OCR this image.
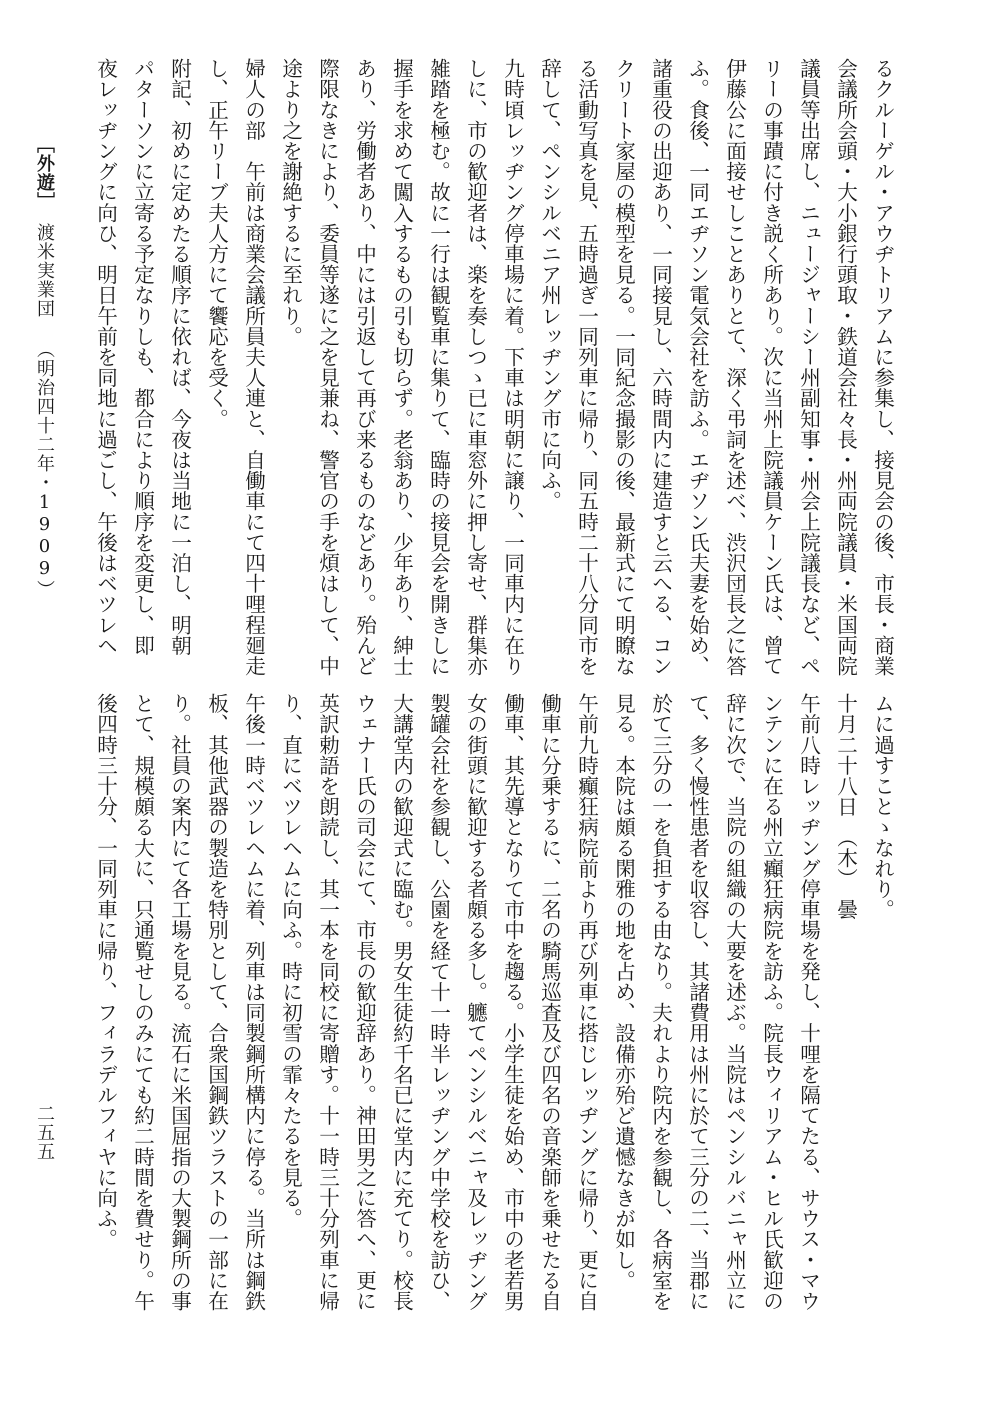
るクルーゲル・アウヂトリアムに参集し、接見会の後、市長・商業
会議所会頭・大小銀行頭取・鉄道会社々長・州両院議員・米国両院
議員等出席し、ニュージャーシー州副知事・州会上院議長など、ペ
リーの事蹟に付き説く所あり。次に当州上院議員ケーン氏は、曾て
伊藤公に面接せしことありとて、深く弔詞を述べ、渋沢団長之に答
ふ。食後、一同エヂソン電気会社を訪ふ。エヂソン氏夫妻を始め、
諸重役の出迎あり、一同接見し、六時間内に建造すと云へる、コン
クリート家屋の模型を見る。一同紀念撮影の後、最新式にて明瞭な
る活動写真を見、五時過ぎ一同列車に帰り、同五時二十八分同市を
辞して、ペンシルベニア州レッヂング市に向ふ。
九時頃レッヂング停車場に着。下車は明朝に譲り、一同車内に在り
しに、市の歓迎者は、楽を奏しつゝ已に車窓外に押し寄せ、群集亦
雑踏を極む。故に一行は観覧車に集りて、臨時の接見会を開きしに
握手を求めて闖入するもの引も切らず。老翁あり、少年あり、紳士
あり、労働者あり、中には引返して再び来るものなどあり。殆んど
際限なきにより、委員等遂に之を見兼ね、警官の手を煩はして、中
途より之を謝絶するに至れり。
婦人の部　午前は商業会議所員夫人連と、自働車にて四十哩程廻走
し、正午リーブ夫人方にて饗応を受く。
附記、初めに定めたる順序に依れば、今夜は当地に一泊し、明朝
パターソンに立寄る予定なりしも、都合により順序を変更し、即
夜レッヂングに向ひ、明日午前を同地に過ごし、午後はベツレヘ
ムに過すことゝなれり。
十月二十八日　（木）　曇
午前八時レッヂング停車場を発し、十哩を隔てたる、サウス・マウ
ンテンに在る州立癲狂病院を訪ふ。院長ウィリアム・ヒル氏歓迎の
辞に次で、当院の組織の大要を述ぶ。当院はペンシルバニャ州立に
て、多く慢性患者を収容し、其諸費用は州に於て三分の二、当郡に
於て三分の一を負担する由なり。夫れより院内を参観し、各病室を
見る。本院は頗る閑雅の地を占め、設備亦殆ど遺憾なきが如し。
午前九時癲狂病院前より再び列車に搭じレッヂングに帰り、更に自
働車に分乗するに、二名の騎馬巡査及び四名の音楽師を乗せたる自
働車、其先導となりて市中を趨る。小学生徒を始め、市中の老若男
女の街頭に歓迎する者頗る多し。軈てペンシルベニャ及レッヂング
製罐会社を参観し、公園を経て十一時半レッヂング中学校を訪ひ、
大講堂内の歓迎式に臨む。男女生徒約千名已に堂内に充てり。校長
ウェナー氏の司会にて、市長の歓迎辞あり。神田男之に答へ、更に
英訳勅語を朗読し、其一本を同校に寄贈す。十一時三十分列車に帰
り、直にベツレヘムに向ふ。時に初雪の霏々たるを見る。
午後一時ベツレヘムに着、列車は同製鋼所構内に停る。当所は鋼鉄
板、其他武器の製造を特別として、合衆国鋼鉄ツラストの一部に在
り。社員の案内にて各工場を見る。流石に米国屈指の大製鋼所の事
とて、規模頗る大に、只通覧せしのみにても約二時間を費せり。午
後四時三十分、一同列車に帰り、フィラデルフィヤに向ふ。
［外遊］
渡米実業団
（明治四十二年・1909）
二五五
